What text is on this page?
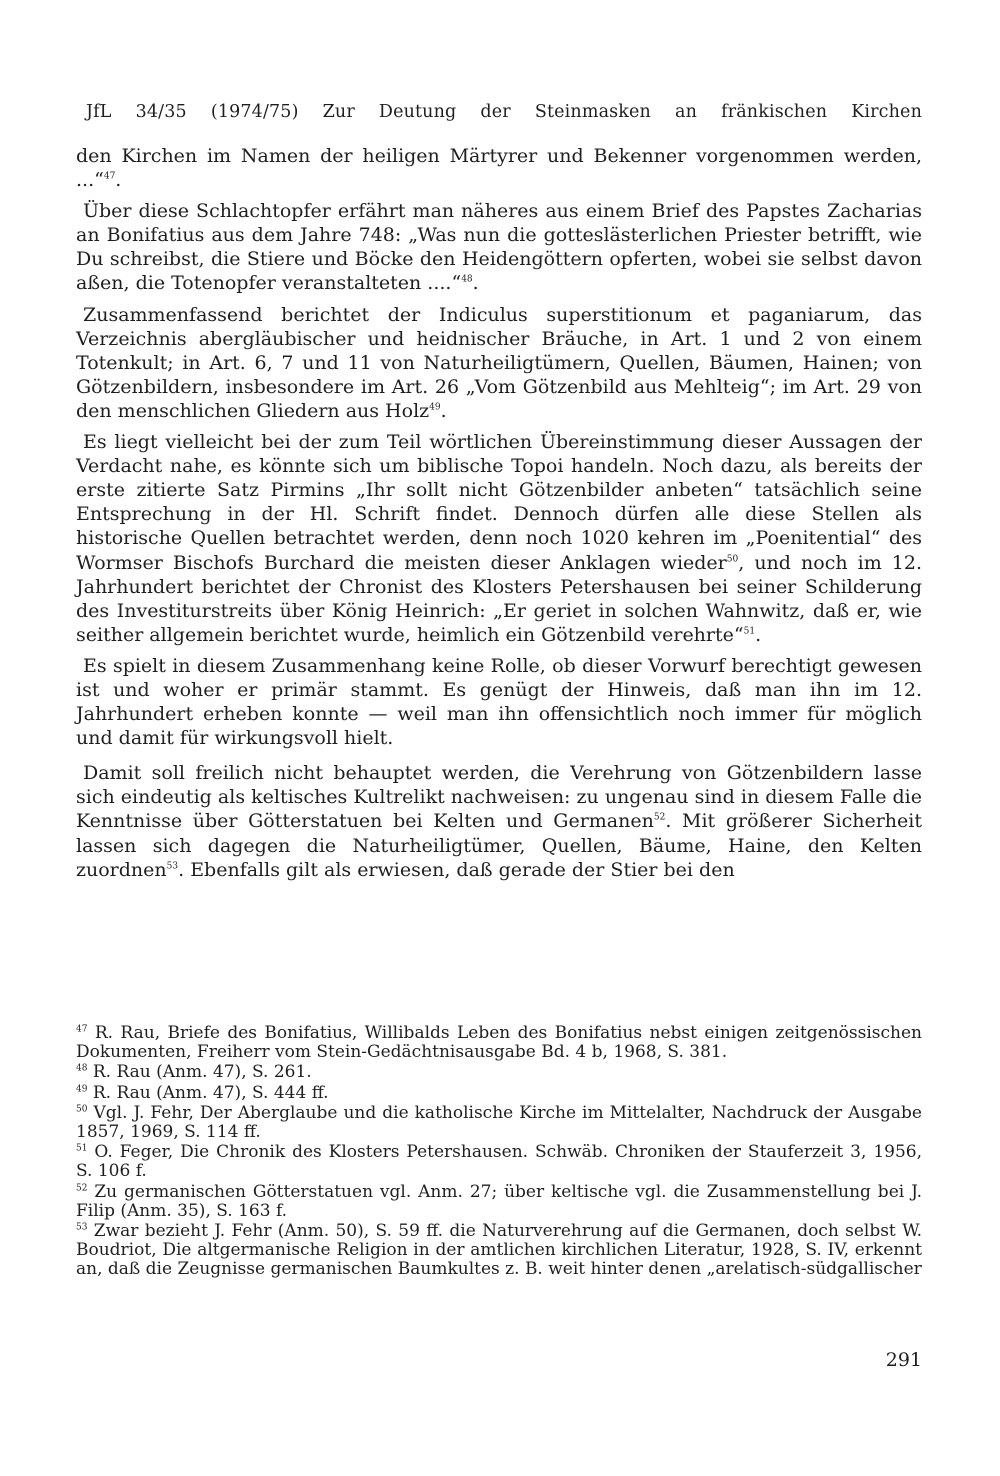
JfL 34/35 (1974/75) Zur Deutung der Steinmasken an fränkischen Kirchen

den Kirchen im Namen der heiligen Märtyrer und Bekenner vorgenommen werden, ...“$^{47}$.

Über diese Schlachtopfer erfährt man näheres aus einem Brief des Papstes Zacharias an Bonifatius aus dem Jahre 748: „Was nun die gotteslästerlichen Priester betrifft, wie Du schreibst, die Stiere und Böcke den Heidengöttern opferten, wobei sie selbst davon aßen, die Totenopfer veranstalteten ....“$^{48}$.

Zusammenfassend berichtet der Indiculus superstitionum et paganiarum, das Verzeichnis abergläubischer und heidnischer Bräuche, in Art. 1 und 2 von einem Totenkult; in Art. 6, 7 und 11 von Naturheiligtümern, Quellen, Bäumen, Hainen; von Götzenbildern, insbesondere im Art. 26 „Vom Götzenbild aus Mehlteig“; im Art. 29 von den menschlichen Gliedern aus Holz$^{49}$.

Es liegt vielleicht bei der zum Teil wörtlichen Übereinstimmung dieser Aussagen der Verdacht nahe, es könnte sich um biblische Topoi handeln. Noch dazu, als bereits der erste zitierte Satz Pirmins „Ihr sollt nicht Götzenbilder anbeten“ tatsächlich seine Entsprechung in der Hl. Schrift findet. Dennoch dürfen alle diese Stellen als historische Quellen betrachtet werden, denn noch 1020 kehren im „Poenitential“ des Wormser Bischofs Burchard die meisten dieser Anklagen wieder$^{50}$, und noch im 12. Jahrhundert berichtet der Chronist des Klosters Petershausen bei seiner Schilderung des Investiturstreits über König Heinrich: „Er geriet in solchen Wahnwitz, daß er, wie seither allgemein berichtet wurde, heimlich ein Götzenbild verehrte“$^{51}$.

Es spielt in diesem Zusammenhang keine Rolle, ob dieser Vorwurf berechtigt gewesen ist und woher er primär stammt. Es genügt der Hinweis, daß man ihn im 12. Jahrhundert erheben konnte — weil man ihn offensichtlich noch immer für möglich und damit für wirkungsvoll hielt.

Damit soll freilich nicht behauptet werden, die Verehrung von Götzenbildern lasse sich eindeutig als keltisches Kultrelikt nachweisen: zu ungenau sind in diesem Falle die Kenntnisse über Götterstatuen bei Kelten und Germanen$^{52}$. Mit größerer Sicherheit lassen sich dagegen die Naturheiligtümer, Quellen, Bäume, Haine, den Kelten zuordnen$^{53}$. Ebenfalls gilt als erwiesen, daß gerade der Stier bei den

$^{47}$ R. Rau, Briefe des Bonifatius, Willibalds Leben des Bonifatius nebst einigen zeitgenössischen Dokumenten, Freiherr vom Stein-Gedächtnisausgabe Bd. 4 b, 1968, S. 381.
$^{48}$ R. Rau (Anm. 47), S. 261.
$^{49}$ R. Rau (Anm. 47), S. 444 ff.
$^{50}$ Vgl. J. Fehr, Der Aberglaube und die katholische Kirche im Mittelalter, Nachdruck der Ausgabe 1857, 1969, S. 114 ff.
$^{51}$ O. Feger, Die Chronik des Klosters Petershausen. Schwäb. Chroniken der Stauferzeit 3, 1956, S. 106 f.
$^{52}$ Zu germanischen Götterstatuen vgl. Anm. 27; über keltische vgl. die Zusammenstellung bei J. Filip (Anm. 35), S. 163 f.
$^{53}$ Zwar bezieht J. Fehr (Anm. 50), S. 59 ff. die Naturverehrung auf die Germanen, doch selbst W. Boudriot, Die altgermanische Religion in der amtlichen kirchlichen Literatur, 1928, S. IV, erkennt an, daß die Zeugnisse germanischen Baumkultes z. B. weit hinter denen „arelatisch-südgallischer
291
